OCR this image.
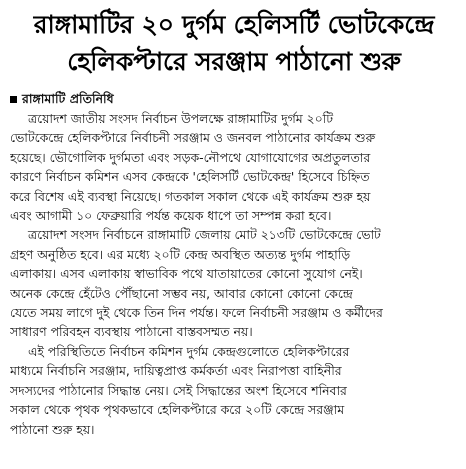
রাঙ্গামাটির ২০ দুর্গম হেলিসর্টি ভোটকেন্দ্রে
হেলিকপ্টারে সরঞ্জাম পাঠানো শুরু
রাঙ্গামাটি প্রতিনিধি

ত্রয়োদশ জাতীয় সংসদ নির্বাচন উপলক্ষে রাঙ্গামাটির দুর্গম ২০টি
ভোটকেন্দ্রে হেলিকপ্টারে নির্বাচনী সরঞ্জাম ও জনবল পাঠানোর কার্যক্রম শুরু
হয়েছে। ভৌগোলিক দুর্গমতা এবং সড়ক-নৌপথে যোগাযোগের অপ্রতুলতার
কারণে নির্বাচন কমিশন এসব কেন্দ্রকে 'হেলিসর্টি ভোটকেন্দ্র' হিসেবে চিহ্নিত
করে বিশেষ এই ব্যবস্থা নিয়েছে। গতকাল সকাল থেকে এই কার্যক্রম শুরু হয়
এবং আগামী ১০ ফেব্রুয়ারি পর্যন্ত কয়েক ধাপে তা সম্পন্ন করা হবে।

ত্রয়োদশ সংসদ নির্বাচনে রাঙ্গামাটি জেলায় মোট ২১৩টি ভোটকেন্দ্রে ভোট
গ্রহণ অনুষ্ঠিত হবে। এর মধ্যে ২০টি কেন্দ্র অবস্থিত অত্যন্ত দুর্গম পাহাড়ি
এলাকায়। এসব এলাকায় স্বাভাবিক পথে যাতায়াতের কোনো সুযোগ নেই।
অনেক কেন্দ্রে হেঁটেও পৌঁছানো সম্ভব নয়, আবার কোনো কোনো কেন্দ্রে
যেতে সময় লাগে দুই থেকে তিন দিন পর্যন্ত। ফলে নির্বাচনী সরঞ্জাম ও কর্মীদের
সাধারণ পরিবহন ব্যবস্থায় পাঠানো বাস্তবসম্মত নয়।

এই পরিস্থিতিতে নির্বাচন কমিশন দুর্গম কেন্দ্রগুলোতে হেলিকপ্টারের
মাধ্যমে নির্বাচনি সরঞ্জাম, দায়িত্বপ্রাপ্ত কর্মকর্তা এবং নিরাপত্তা বাহিনীর
সদস্যদের পাঠানোর সিদ্ধান্ত নেয়। সেই সিদ্ধান্তের অংশ হিসেবে শনিবার
সকাল থেকে পৃথক পৃথকভাবে হেলিকপ্টারে করে ২০টি কেন্দ্রে সরঞ্জাম
পাঠানো শুরু হয়।
